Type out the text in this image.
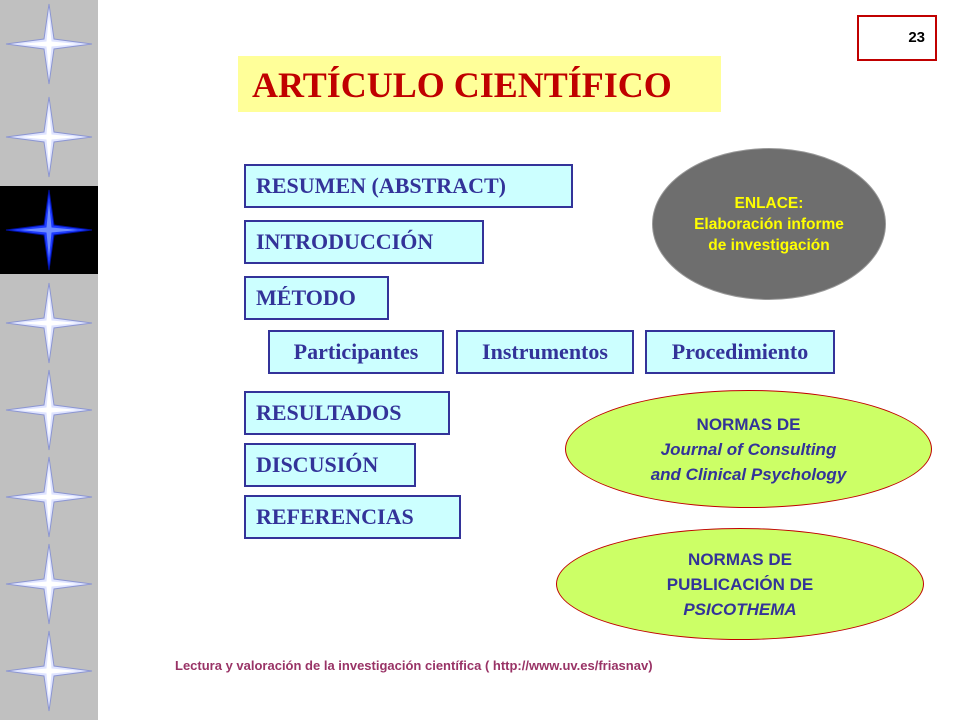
23
ARTÍCULO CIENTÍFICO
RESUMEN (ABSTRACT)
INTRODUCCIÓN
MÉTODO
Participantes	Instrumentos	Procedimiento
RESULTADOS
DISCUSIÓN
REFERENCIAS
ENLACE:
Elaboración informe
de investigación
NORMAS DE
Journal of Consulting
and Clinical Psychology
NORMAS DE
PUBLICACIÓN DE
PSICOTHEMA
Lectura y valoración de la investigación científica ( http://www.uv.es/friasnav)
